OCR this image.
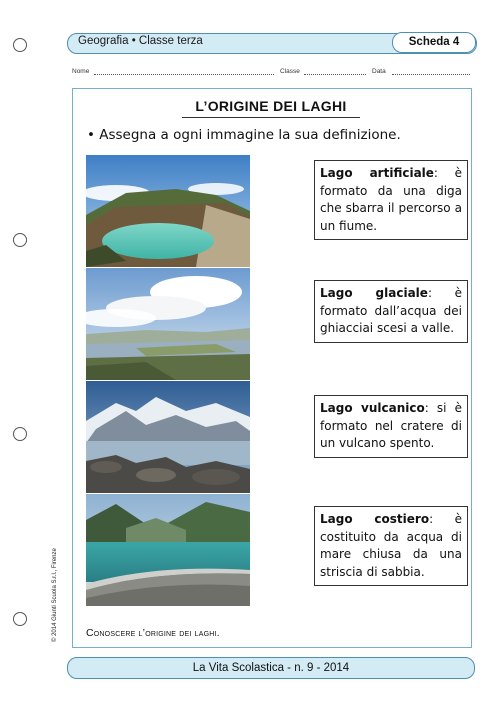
Geografia • Classe terza	Scheda 4
Nome	Classe	Data
L’ORIGINE DEI LAGHI
• Assegna a ogni immagine la sua definizione.
Lago artificiale: è formato da una diga che sbarra il percorso a un fiume.
Lago glaciale: è formato dall’acqua dei ghiacciai scesi a valle.
Lago vulcanico: si è formato nel cratere di un vulcano spento.
Lago costiero: è costituito da acqua di mare chiusa da una striscia di sabbia.
Conoscere l’origine dei laghi.
© 2014 Giunti Scuola S.r.l., Firenze
La Vita Scolastica - n. 9 - 2014
